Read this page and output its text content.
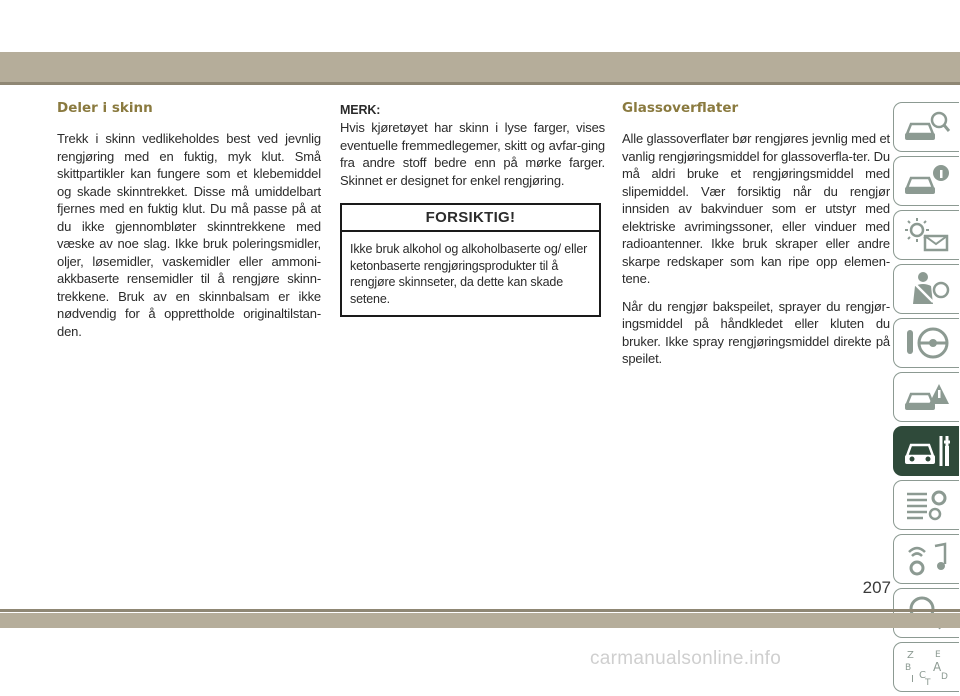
Deler i skinn

Trekk i skinn vedlikeholdes best ved jevnlig rengjøring med en fuktig, myk klut. Små skittpartikler kan fungere som et klebemiddel og skade skinntrekket. Disse må umiddelbart fjernes med en fuktig klut. Du må passe på at du ikke gjennombløter skinntrekkene med væske av noe slag. Ikke bruk poleringsmidler, oljer, løsemidler, vaskemidler eller ammoni-akkbaserte rensemidler til å rengjøre skinn-trekkene. Bruk av en skinnbalsam er ikke nødvendig for å opprettholde originaltilstan-den.

MERK:

Hvis kjøretøyet har skinn i lyse farger, vises eventuelle fremmedlegemer, skitt og avfar-ging fra andre stoff bedre enn på mørke farger. Skinnet er designet for enkel rengjøring.

FORSIKTIG!

Ikke bruk alkohol og alkoholbaserte og/ eller ketonbaserte rengjøringsprodukter til å rengjøre skinnseter, da dette kan skade setene.

Glassoverflater

Alle glassoverflater bør rengjøres jevnlig med et vanlig rengjøringsmiddel for glassoverfla-ter. Du må aldri bruke et rengjøringsmiddel med slipemiddel. Vær forsiktig når du rengjør innsiden av bakvinduer som er utstyr med elektriske avrimingssoner, eller vinduer med radioantenner. Ikke bruk skraper eller andre skarpe redskaper som kan ripe opp elemen-tene.

Når du rengjør bakspeilet, sprayer du rengjør-ingsmiddel på håndkledet eller kluten du bruker. Ikke spray rengjøringsmiddel direkte på speilet.

Z E
B A
D
I C
T
207
carmanualsonline.info
